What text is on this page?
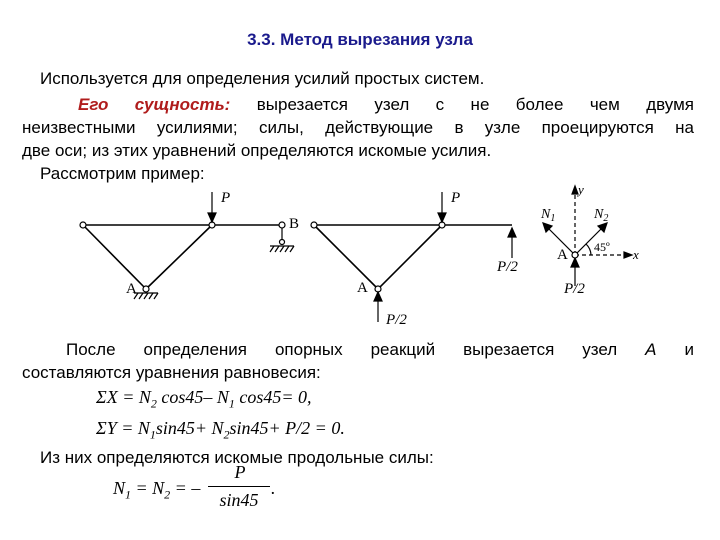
3.3. Метод вырезания узла
Используется для определения усилий простых систем.
Его сущность: вырезается узел с не более чем двумя
неизвестными усилиями; силы, действующие в узле проецируются на
две оси; из этих уравнений определяются искомые усилия.
Рассмотрим пример:
P
A
B
P
A
P/2
P/2
y
x
$N_1$	$N_2$
A 45º
P/2
После определения опорных реакций вырезается узел A и
составляются уравнения равновесия:
$\Sigma X = N_2$ cos45– $N_1$ cos45= 0,
$\Sigma Y = N_1\sin 45+ N_2\sin 45+ P/2 = 0$.
Из них определяются искомые продольные силы:
$N_1 = N_2$ = –
P
sin45
.
